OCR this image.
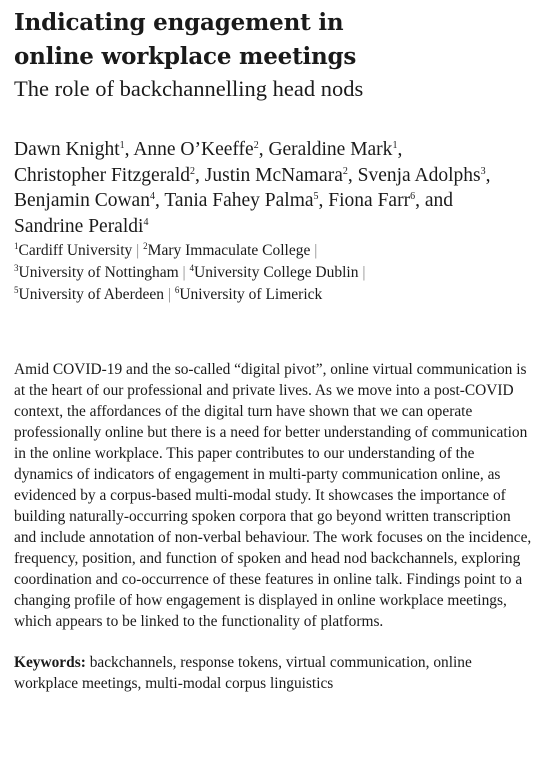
Indicating engagement in
online workplace meetings
The role of backchannelling head nods
Dawn Knight$^1$, Anne O’Keeffe$^2$, Geraldine Mark$^1$,
Christopher Fitzgerald$^2$, Justin McNamara$^2$, Svenja Adolphs$^3$,
Benjamin Cowan$^4$, Tania Fahey Palma$^5$, Fiona Farr$^6$, and
Sandrine Peraldi$^4$
$^1$Cardiff University | $^2$Mary Immaculate College |
$^3$University of Nottingham | $^4$University College Dublin |
$^5$University of Aberdeen | $^6$University of Limerick
Amid COVID-19 and the so-called “digital pivot”, online virtual communication is at the heart of our professional and private lives. As we move into a post-COVID context, the affordances of the digital turn have shown that we can operate professionally online but there is a need for better understanding of communication in the online workplace. This paper contributes to our understanding of the dynamics of indicators of engagement in multi-party communication online, as evidenced by a corpus-based multi-modal study. It showcases the importance of building naturally-occurring spoken corpora that go beyond written transcription and include annotation of non-verbal behaviour. The work focuses on the incidence, frequency, position, and function of spoken and head nod backchannels, exploring coordination and co-occurrence of these features in online talk. Findings point to a changing profile of how engagement is displayed in online workplace meetings, which appears to be linked to the functionality of platforms.
Keywords: backchannels, response tokens, virtual communication, online workplace meetings, multi-modal corpus linguistics
